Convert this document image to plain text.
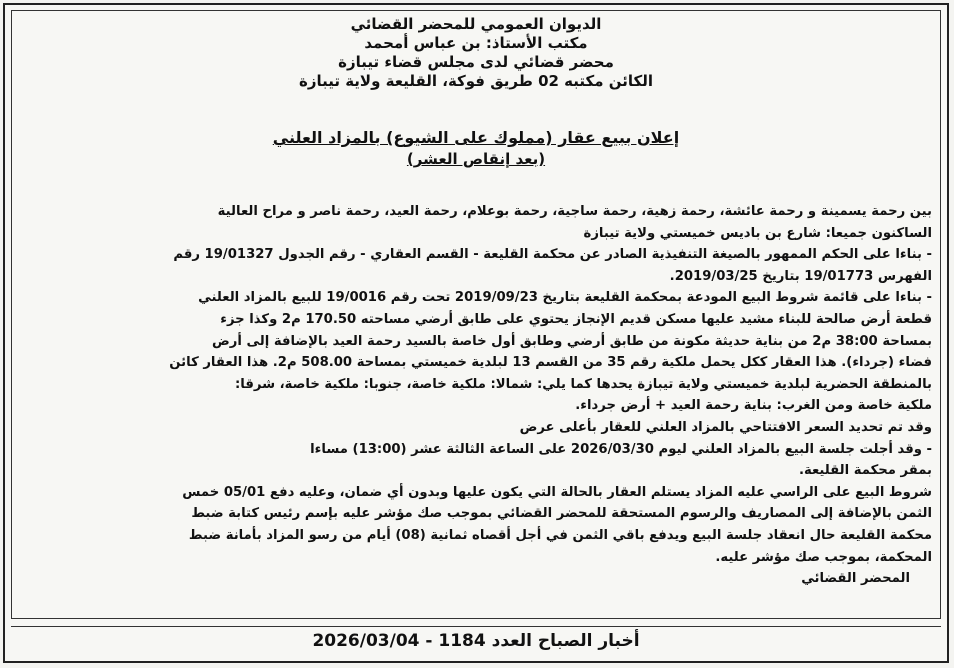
الديوان العمومي للمحضر القضائي
مكتب الأستاذ: بن عباس أمحمد
محضر قضائي لدى مجلس قضاء تيبازة
الكائن مكتبه 02 طريق فوكة، القليعة ولاية تيبازة
إعلان ببيع عقار (مملوك على الشيوع) بالمزاد العلني
(بعد إنقاص العشر)

بين رحمة يسمينة و رحمة عائشة، رحمة زهية، رحمة ساجية، رحمة بوعلام، رحمة العيد، رحمة ناصر و مراح العالية

الساكنون جميعا: شارع بن باديس خميستي ولاية تيبازة

- بناءا على الحكم الممهور بالصيغة التنفيذية الصادر عن محكمة القليعة - القسم العقاري - رقم الجدول 19/01327 رقم

الفهرس 19/01773 بتاريخ 2019/03/25.

- بناءا على قائمة شروط البيع المودعة بمحكمة القليعة بتاريخ 2019/09/23 تحت رقم 19/0016 للبيع بالمزاد العلني

قطعة أرض صالحة للبناء مشيد عليها مسكن قديم الإنجاز يحتوي على طابق أرضي مساحته 170.50 م2 وكذا جزء

بمساحة 38:00 م2 من بناية حديثة مكونة من طابق أرضي وطابق أول خاصة بالسيد رحمة العيد بالإضافة إلى أرض

فضاء (جرداء). هذا العقار ككل يحمل ملكية رقم 35 من القسم 13 لبلدية خميستي بمساحة 508.00 م2. هذا العقار كائن

بالمنطقة الحضرية لبلدية خميستي ولاية تيبازة يحدها كما يلي: شمالا: ملكية خاصة، جنوبا: ملكية خاصة، شرقا:

ملكية خاصة ومن الغرب: بناية رحمة العيد + أرض جرداء.

وقد تم تحديد السعر الافتتاحي بالمزاد العلني للعقار بأعلى عرض

- وقد أجلت جلسة البيع بالمزاد العلني ليوم 2026/03/30 على الساعة الثالثة عشر (13:00) مساءا

بمقر محكمة القليعة.

شروط البيع على الراسي عليه المزاد يستلم العقار بالحالة التي يكون عليها وبدون أي ضمان، وعليه دفع 05/01 خمس

الثمن بالإضافة إلى المصاريف والرسوم المستحقة للمحضر القضائي بموجب صك مؤشر عليه بإسم رئيس كتابة ضبط

محكمة القليعة حال انعقاد جلسة البيع ويدفع باقي الثمن في أجل أقصاه ثمانية (08) أيام من رسو المزاد بأمانة ضبط

المحكمة، بموجب صك مؤشر عليه.

المحضر القضائي

أخبار الصباح العدد 1184 - 2026/03/04
